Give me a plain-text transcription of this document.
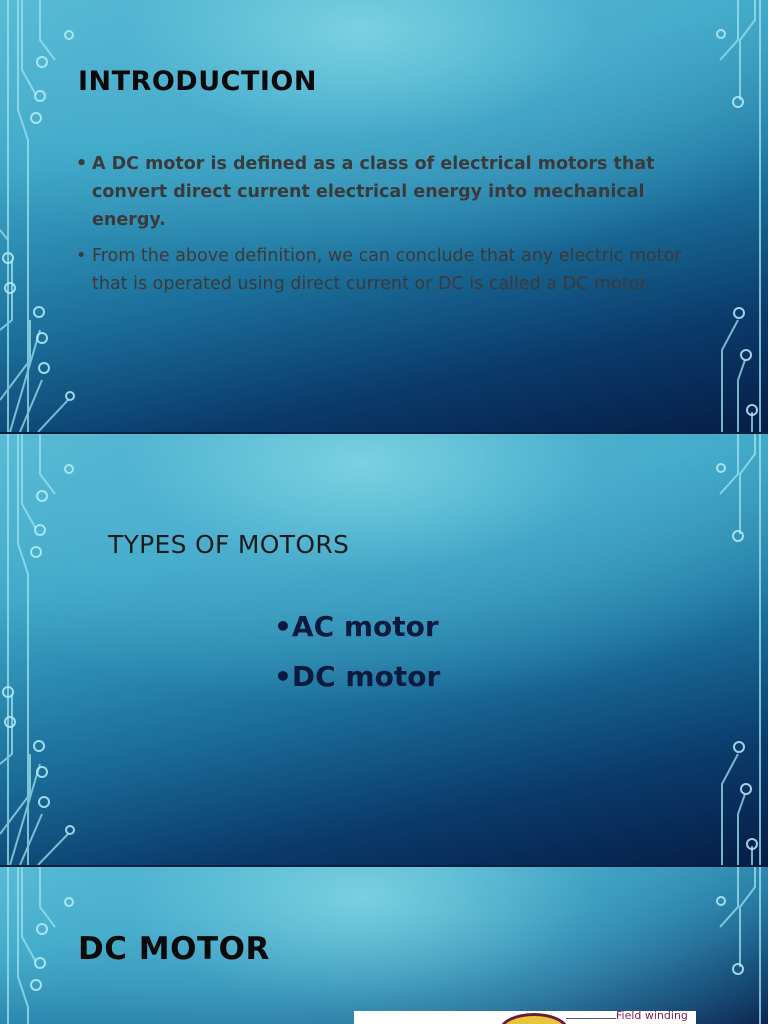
INTRODUCTION
• A DC motor is defined as a class of electrical motors that convert direct current electrical energy into mechanical energy.
• From the above definition, we can conclude that any electric motor that is operated using direct current or DC is called a DC motor.
TYPES OF MOTORS
•AC motor
•DC motor
DC MOTOR
Field winding
